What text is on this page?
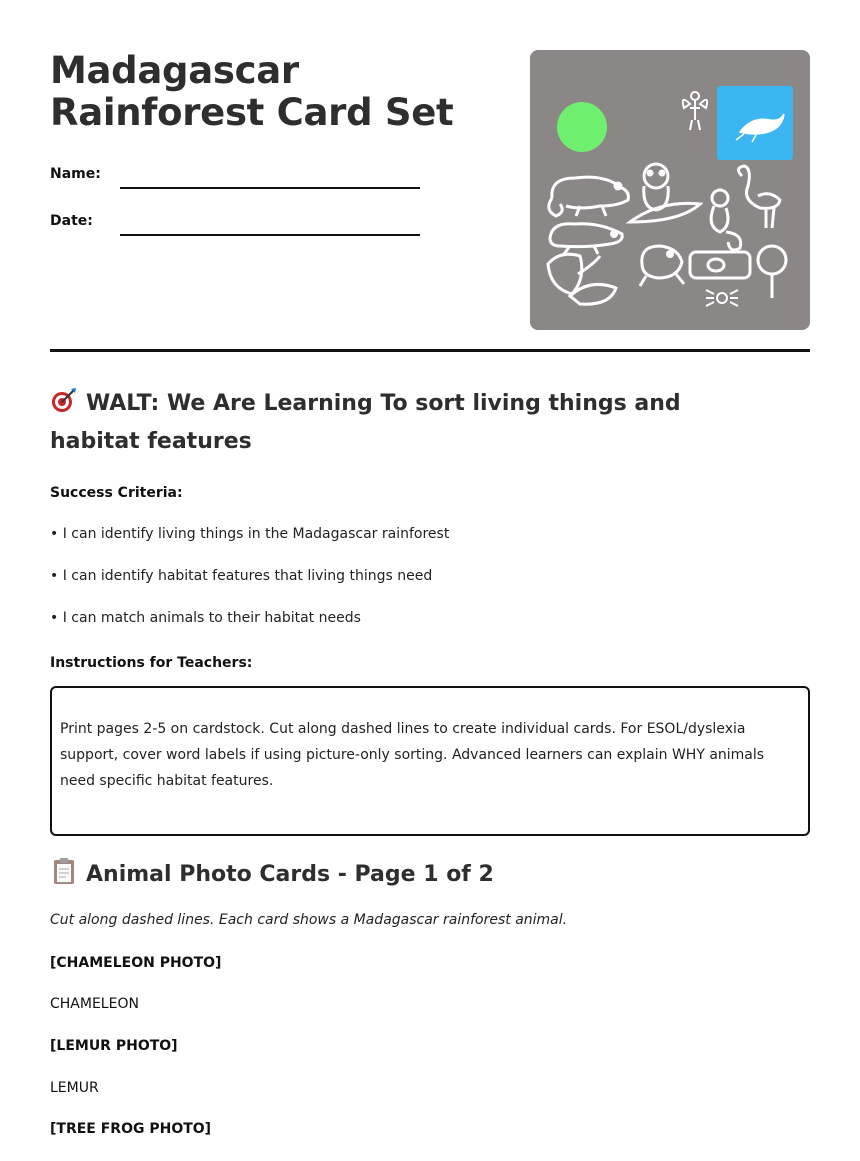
Madagascar Rainforest Card Set
Name:
Date:
WALT: We Are Learning To sort living things and habitat features
Success Criteria:
• I can identify living things in the Madagascar rainforest
• I can identify habitat features that living things need
• I can match animals to their habitat needs
Instructions for Teachers:

Print pages 2-5 on cardstock. Cut along dashed lines to create individual cards. For ESOL/dyslexia support, cover word labels if using picture-only sorting. Advanced learners can explain WHY animals need specific habitat features.

Animal Photo Cards - Page 1 of 2
Cut along dashed lines. Each card shows a Madagascar rainforest animal.
[CHAMELEON PHOTO]
CHAMELEON
[LEMUR PHOTO]
LEMUR
[TREE FROG PHOTO]
